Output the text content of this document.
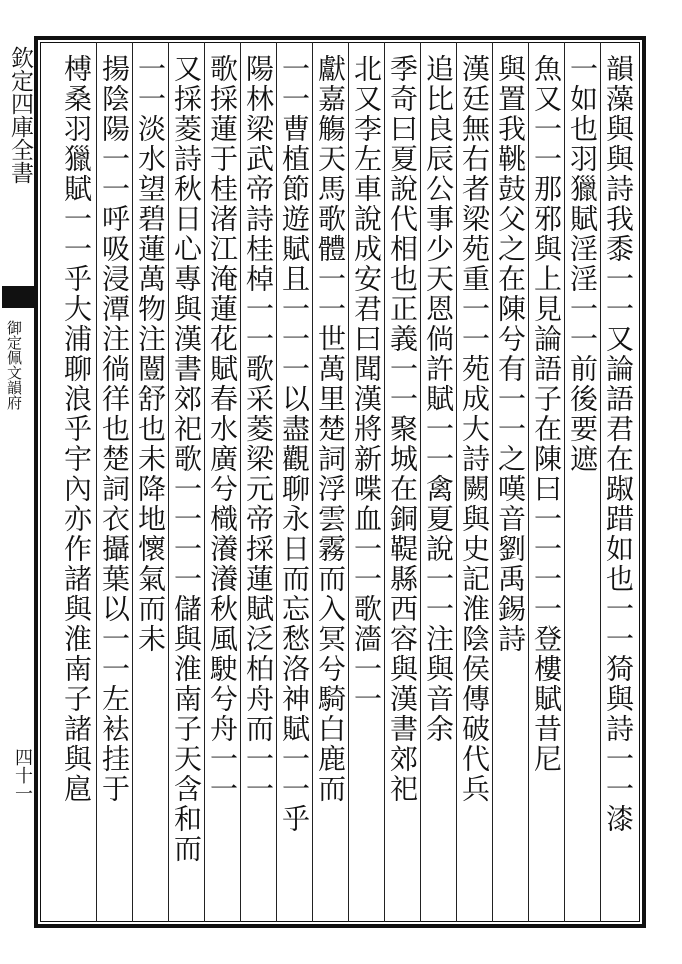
欽定四庫全書
御定佩文韻府
四十一	韻藻與與詩我黍一一又論語君在踧踖如也一一猗與詩一一漆
一如也羽獵賦淫淫一一前後要遮
魚又一一那邪與上見論語子在陳曰一一一一登樓賦昔尼
與置我鞉鼓父之在陳兮有一一之嘆音劉禹錫詩
漢廷無右者梁苑重一一苑成大詩闕與史記淮陰侯傳破代兵
追比良辰公事少天恩倘許賦一一禽夏說一一注與音余
季奇曰夏說代相也正義一一聚城在銅鞮縣西容與漢書郊祀
北又李左車說成安君曰聞漢將新喋血一一歌濇一一
獻嘉觴天馬歌體一一世萬里楚詞浮雲霧而入冥兮騎白鹿而
一一曹植節遊賦且一一一以盡觀聊永日而忘愁洛神賦一一乎
陽林梁武帝詩桂棹一一歌采菱梁元帝採蓮賦泛柏舟而一一
歌採蓮于桂渚江淹蓮花賦春水廣兮樴瀁瀁秋風駛兮舟一一
又採菱詩秋日心專與漢書郊祀歌一一一一儲與淮南子天含和而
一一淡水望碧蓮萬物注闓舒也未降地懷氣而未
揚陰陽一一呼吸浸潭注徜徉也楚詞衣攝葉以一一左袪挂于
榑桑羽獵賦一一乎大浦聊浪乎宇內亦作諸與淮南子諸與扈
